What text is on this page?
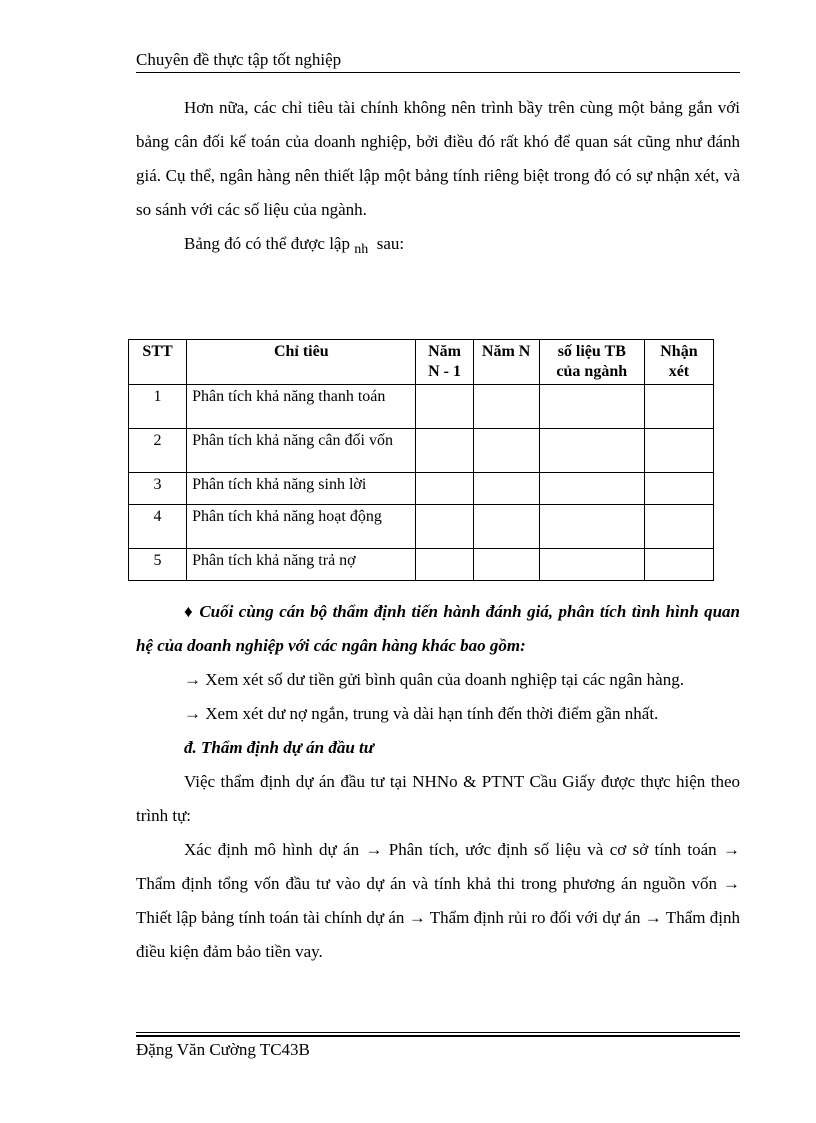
Chuyên đề thực tập tốt nghiệp

Hơn nữa, các chỉ tiêu tài chính không nên trình bầy trên cùng một bảng gắn với bảng cân đối kế toán của doanh nghiệp, bởi điều đó rất khó để quan sát cũng như đánh giá. Cụ thể, ngân hàng nên thiết lập một bảng tính riêng biệt trong đó có sự nhận xét, và so sánh với các số liệu của ngành.

Bảng đó có thể được lập $_{nh}$ sau:

STT	Chỉ tiêu	Năm N - 1	Năm N	số liệu TB của ngành	Nhận xét
1	Phân tích khả năng thanh toán				
2	Phân tích khả năng cân đối vốn				
3	Phân tích khả năng sinh lời				
4	Phân tích khả năng hoạt động				
5	Phân tích khả năng trả nợ				

♦ Cuối cùng cán bộ thẩm định tiến hành đánh giá, phân tích tình hình quan hệ của doanh nghiệp với các ngân hàng khác bao gồm:

→ Xem xét số dư tiền gửi bình quân của doanh nghiệp tại các ngân hàng.

→ Xem xét dư nợ ngắn, trung và dài hạn tính đến thời điểm gần nhất.

đ. Thẩm định dự án đầu tư

Việc thẩm định dự án đầu tư tại NHNo & PTNT Cầu Giấy được thực hiện theo trình tự:

Xác định mô hình dự án → Phân tích, ước định số liệu và cơ sở tính toán → Thẩm định tổng vốn đầu tư vào dự án và tính khả thi trong phương án nguồn vốn → Thiết lập bảng tính toán tài chính dự án → Thẩm định rủi ro đối với dự án → Thẩm định điều kiện đảm bảo tiền vay.

Đặng Văn Cường TC43B
